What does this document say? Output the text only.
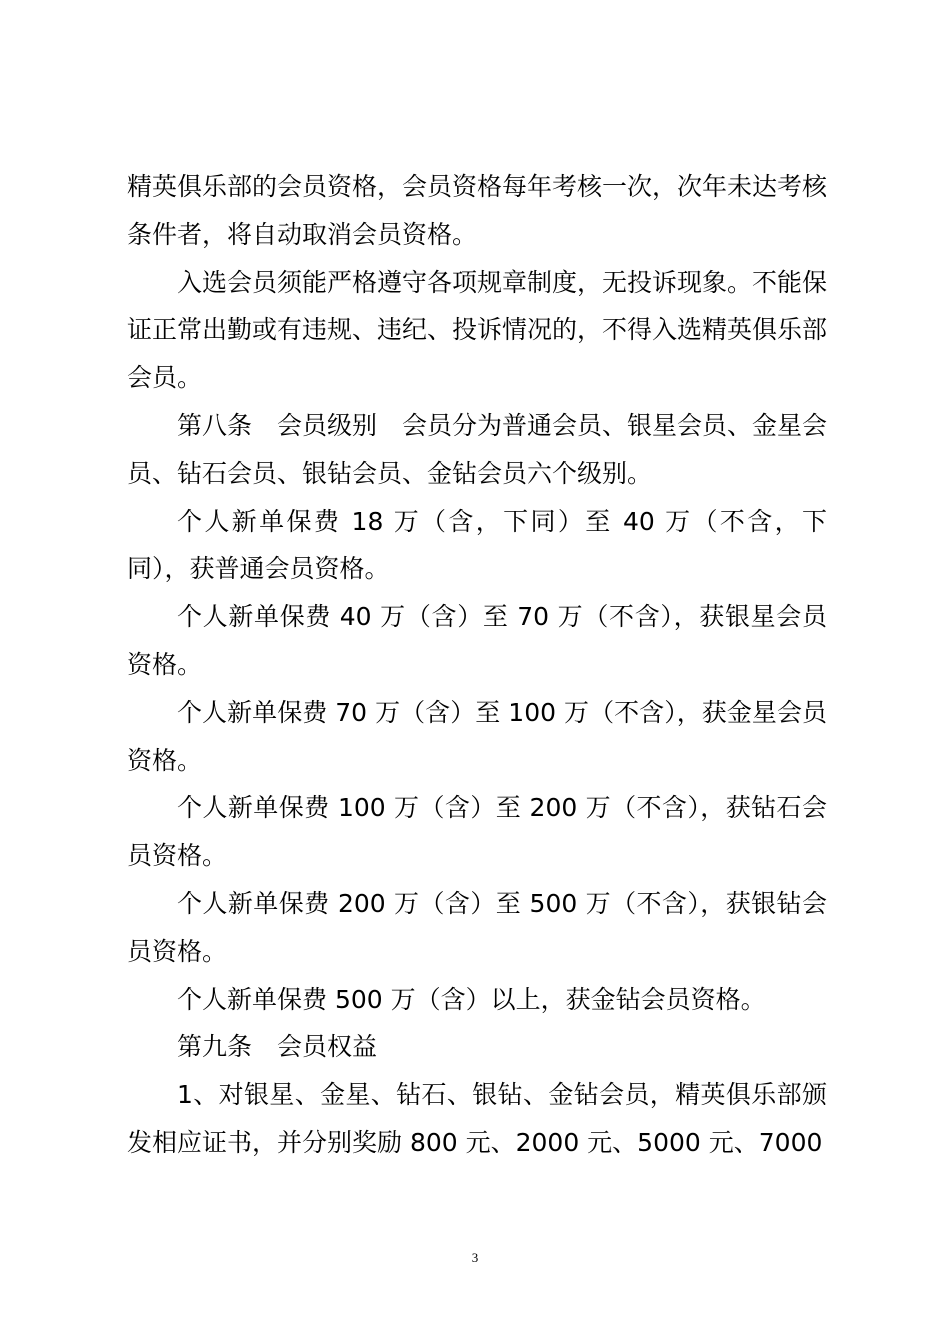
精英俱乐部的会员资格，会员资格每年考核一次，次年未达考核条件者，将自动取消会员资格。

入选会员须能严格遵守各项规章制度，无投诉现象。不能保证正常出勤或有违规、违纪、投诉情况的，不得入选精英俱乐部会员。

第八条　会员级别　会员分为普通会员、银星会员、金星会员、钻石会员、银钻会员、金钻会员六个级别。

个人新单保费 18 万（含，下同）至 40 万（不含，下同），获普通会员资格。

个人新单保费 40 万（含）至 70 万（不含），获银星会员资格。

个人新单保费 70 万（含）至 100 万（不含），获金星会员资格。

个人新单保费 100 万（含）至 200 万（不含），获钻石会员资格。

个人新单保费 200 万（含）至 500 万（不含），获银钻会员资格。

个人新单保费 500 万（含）以上，获金钻会员资格。

第九条　会员权益

1、对银星、金星、钻石、银钻、金钻会员，精英俱乐部颁发相应证书，并分别奖励 800 元、2000 元、5000 元、7000

3
